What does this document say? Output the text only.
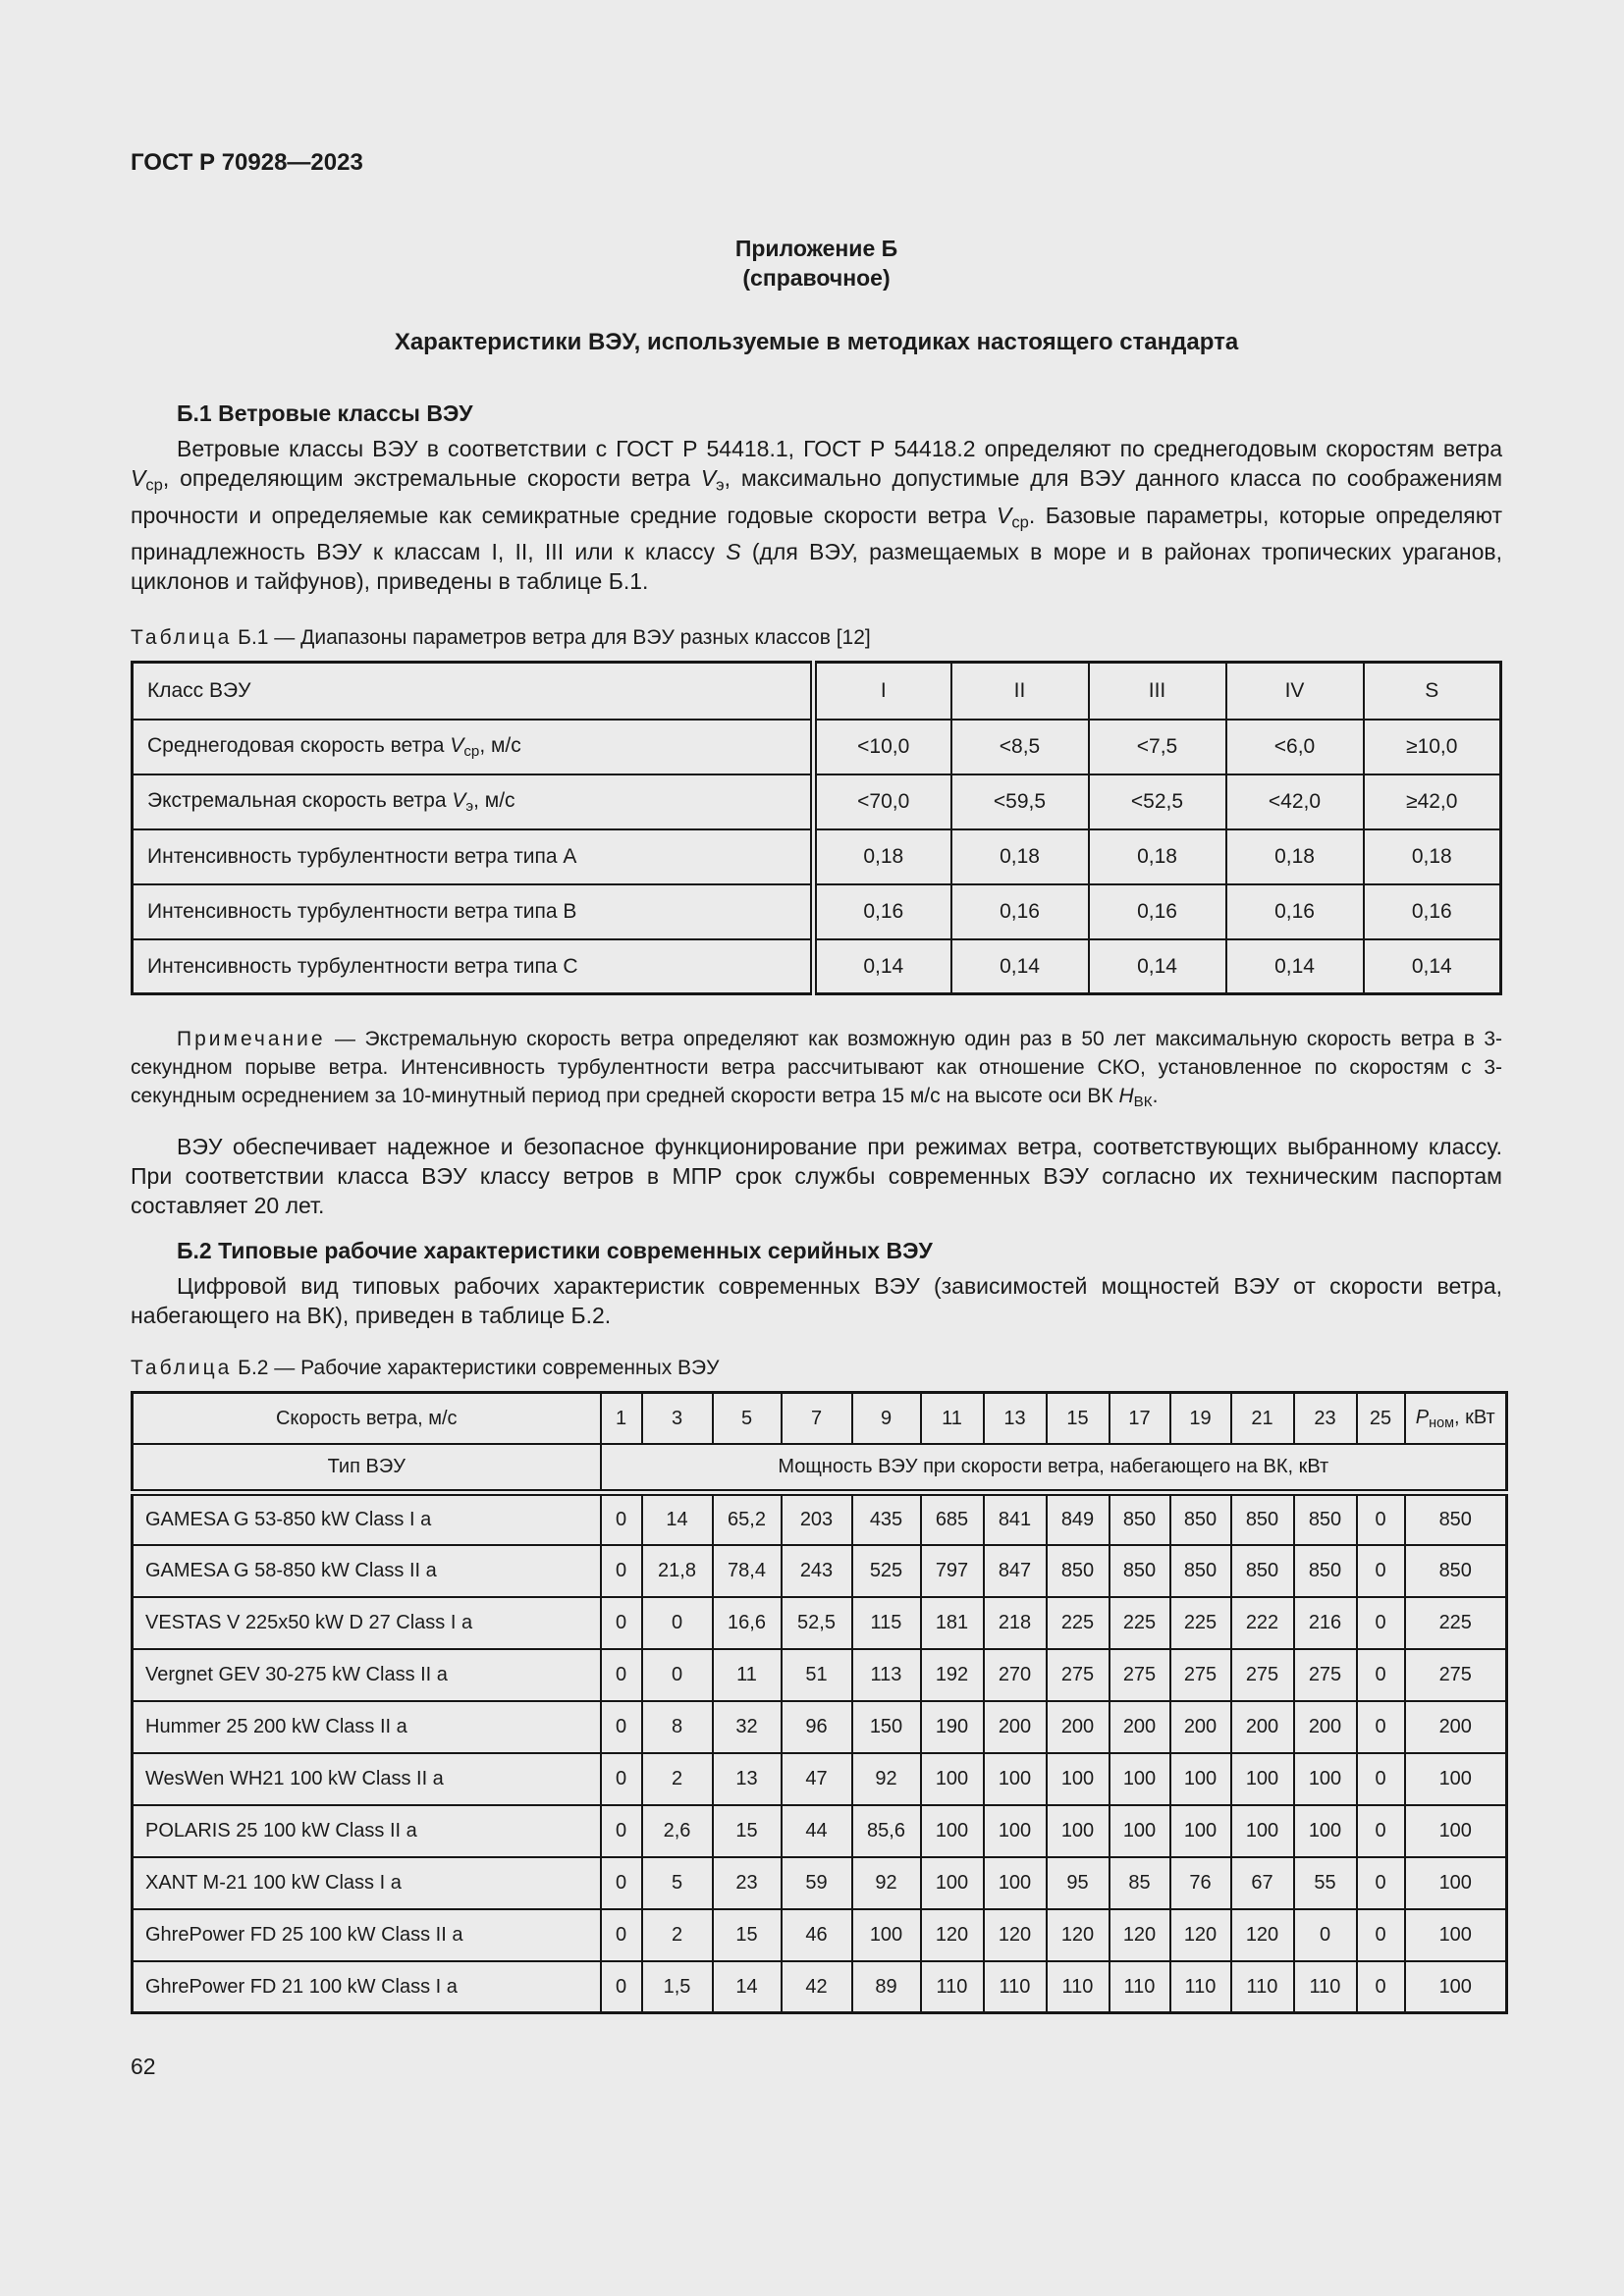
ГОСТ Р 70928—2023
Приложение Б
(справочное)
Характеристики ВЭУ, используемые в методиках настоящего стандарта
Б.1 Ветровые классы ВЭУ
Ветровые классы ВЭУ в соответствии с ГОСТ Р 54418.1, ГОСТ Р 54418.2 определяют по среднегодовым скоростям ветра $V_{ср}$, определяющим экстремальные скорости ветра $V_э$, максимально допустимые для ВЭУ данного класса по соображениям прочности и определяемые как семикратные средние годовые скорости ветра $V_{ср}$. Базовые параметры, которые определяют принадлежность ВЭУ к классам I, II, III или к классу S (для ВЭУ, размещаемых в море и в районах тропических ураганов, циклонов и тайфунов), приведены в таблице Б.1.
Таблица Б.1 — Диапазоны параметров ветра для ВЭУ разных классов [12]
Класс ВЭУ	I	II	III	IV	S
Среднегодовая скорость ветра $V_{ср}$, м/с	<10,0	<8,5	<7,5	<6,0	≥10,0
Экстремальная скорость ветра $V_э$, м/с	<70,0	<59,5	<52,5	<42,0	≥42,0
Интенсивность турбулентности ветра типа A	0,18	0,18	0,18	0,18	0,18
Интенсивность турбулентности ветра типа B	0,16	0,16	0,16	0,16	0,16
Интенсивность турбулентности ветра типа C	0,14	0,14	0,14	0,14	0,14
Примечание — Экстремальную скорость ветра определяют как возможную один раз в 50 лет максимальную скорость ветра в 3-секундном порыве ветра. Интенсивность турбулентности ветра рассчитывают как отношение СКО, установленное по скоростям с 3-секундным осреднением за 10-минутный период при средней скорости ветра 15 м/с на высоте оси ВК $H_{ВК}$.
ВЭУ обеспечивает надежное и безопасное функционирование при режимах ветра, соответствующих выбранному классу. При соответствии класса ВЭУ классу ветров в МПР срок службы современных ВЭУ согласно их техническим паспортам составляет 20 лет.
Б.2 Типовые рабочие характеристики современных серийных ВЭУ
Цифровой вид типовых рабочих характеристик современных ВЭУ (зависимостей мощностей ВЭУ от скорости ветра, набегающего на ВК), приведен в таблице Б.2.
Таблица Б.2 — Рабочие характеристики современных ВЭУ
Скорость ветра, м/с	1	3	5	7	9	11	13	15	17	19	21	23	25	$P_{ном}$, кВт
Тип ВЭУ	Мощность ВЭУ при скорости ветра, набегающего на ВК, кВт													
GAMESA G 53-850 kW Class I a	0	14	65,2	203	435	685	841	849	850	850	850	850	0	850
GAMESA G 58-850 kW Class II a	0	21,8	78,4	243	525	797	847	850	850	850	850	850	0	850
VESTAS V 225x50 kW D 27 Class I a	0	0	16,6	52,5	115	181	218	225	225	225	222	216	0	225
Vergnet GEV 30-275 kW Class II a	0	0	11	51	113	192	270	275	275	275	275	275	0	275
Hummer 25 200 kW Class II a	0	8	32	96	150	190	200	200	200	200	200	200	0	200
WesWen WH21 100 kW Class II a	0	2	13	47	92	100	100	100	100	100	100	100	0	100
POLARIS 25 100 kW Class II a	0	2,6	15	44	85,6	100	100	100	100	100	100	100	0	100
XANT M-21 100 kW Class I a	0	5	23	59	92	100	100	95	85	76	67	55	0	100
GhrePower FD 25 100 kW Class II a	0	2	15	46	100	120	120	120	120	120	120	0	0	100
GhrePower FD 21 100 kW Class I a	0	1,5	14	42	89	110	110	110	110	110	110	110	0	100
62
